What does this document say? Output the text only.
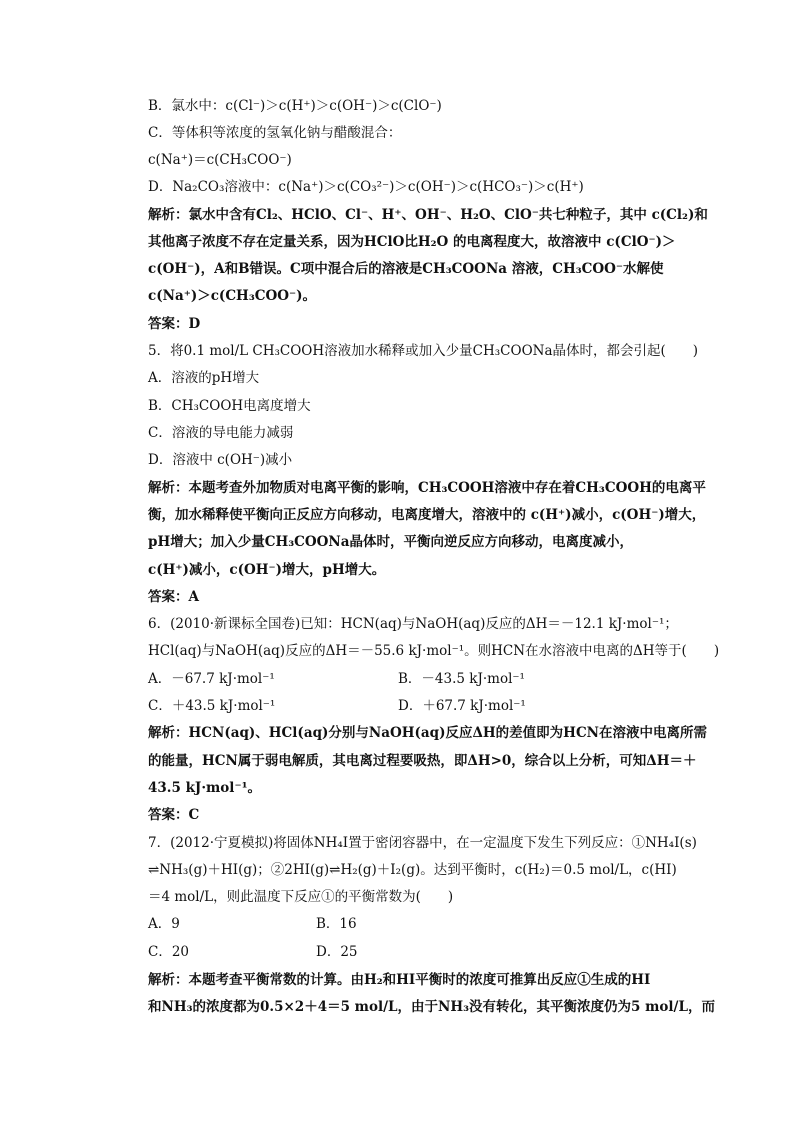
B．氯水中：c(Cl⁻)＞c(H⁺)＞c(OH⁻)＞c(ClO⁻)
C．等体积等浓度的氢氧化钠与醋酸混合：
c(Na⁺)＝c(CH₃COO⁻)
D．Na₂CO₃溶液中：c(Na⁺)＞c(CO₃²⁻)＞c(OH⁻)＞c(HCO₃⁻)＞c(H⁺)
解析：氯水中含有Cl₂、HClO、Cl⁻、H⁺、OH⁻、H₂O、ClO⁻共七种粒子，其中 c(Cl₂)和
其他离子浓度不存在定量关系，因为HClO比H₂O 的电离程度大，故溶液中 c(ClO⁻)＞
c(OH⁻)，A和B错误。C项中混合后的溶液是CH₃COONa 溶液，CH₃COO⁻水解使
c(Na⁺)＞c(CH₃COO⁻)。
答案：D
5．将0.1 mol/L CH₃COOH溶液加水稀释或加入少量CH₃COONa晶体时，都会引起(　　)
A．溶液的pH增大
B．CH₃COOH电离度增大
C．溶液的导电能力减弱
D．溶液中 c(OH⁻)减小
解析：本题考查外加物质对电离平衡的影响，CH₃COOH溶液中存在着CH₃COOH的电离平
衡，加水稀释使平衡向正反应方向移动，电离度增大，溶液中的 c(H⁺)减小，c(OH⁻)增大，
pH增大；加入少量CH₃COONa晶体时，平衡向逆反应方向移动，电离度减小，
c(H⁺)减小，c(OH⁻)增大，pH增大。
答案：A
6．(2010·新课标全国卷)已知：HCN(aq)与NaOH(aq)反应的ΔH＝－12.1 kJ·mol⁻¹；
HCl(aq)与NaOH(aq)反应的ΔH＝－55.6 kJ·mol⁻¹。则HCN在水溶液中电离的ΔH等于(　　)
A．－67.7 kJ·mol⁻¹	B．－43.5 kJ·mol⁻¹
C．＋43.5 kJ·mol⁻¹	D．＋67.7 kJ·mol⁻¹
解析：HCN(aq)、HCl(aq)分别与NaOH(aq)反应ΔH的差值即为HCN在溶液中电离所需
的能量，HCN属于弱电解质，其电离过程要吸热，即ΔH>0，综合以上分析，可知ΔH＝＋
43.5 kJ·mol⁻¹。
答案：C
7．(2012·宁夏模拟)将固体NH₄I置于密闭容器中，在一定温度下发生下列反应：①NH₄I(s)
⇌NH₃(g)＋HI(g)；②2HI(g)⇌H₂(g)＋I₂(g)。达到平衡时，c(H₂)＝0.5 mol/L，c(HI)
＝4 mol/L，则此温度下反应①的平衡常数为(　　)
A．9	B．16
C．20	D．25
解析：本题考查平衡常数的计算。由H₂和HI平衡时的浓度可推算出反应①生成的HI
和NH₃的浓度都为0.5×2＋4＝5 mol/L，由于NH₃没有转化，其平衡浓度仍为5 mol/L，而
